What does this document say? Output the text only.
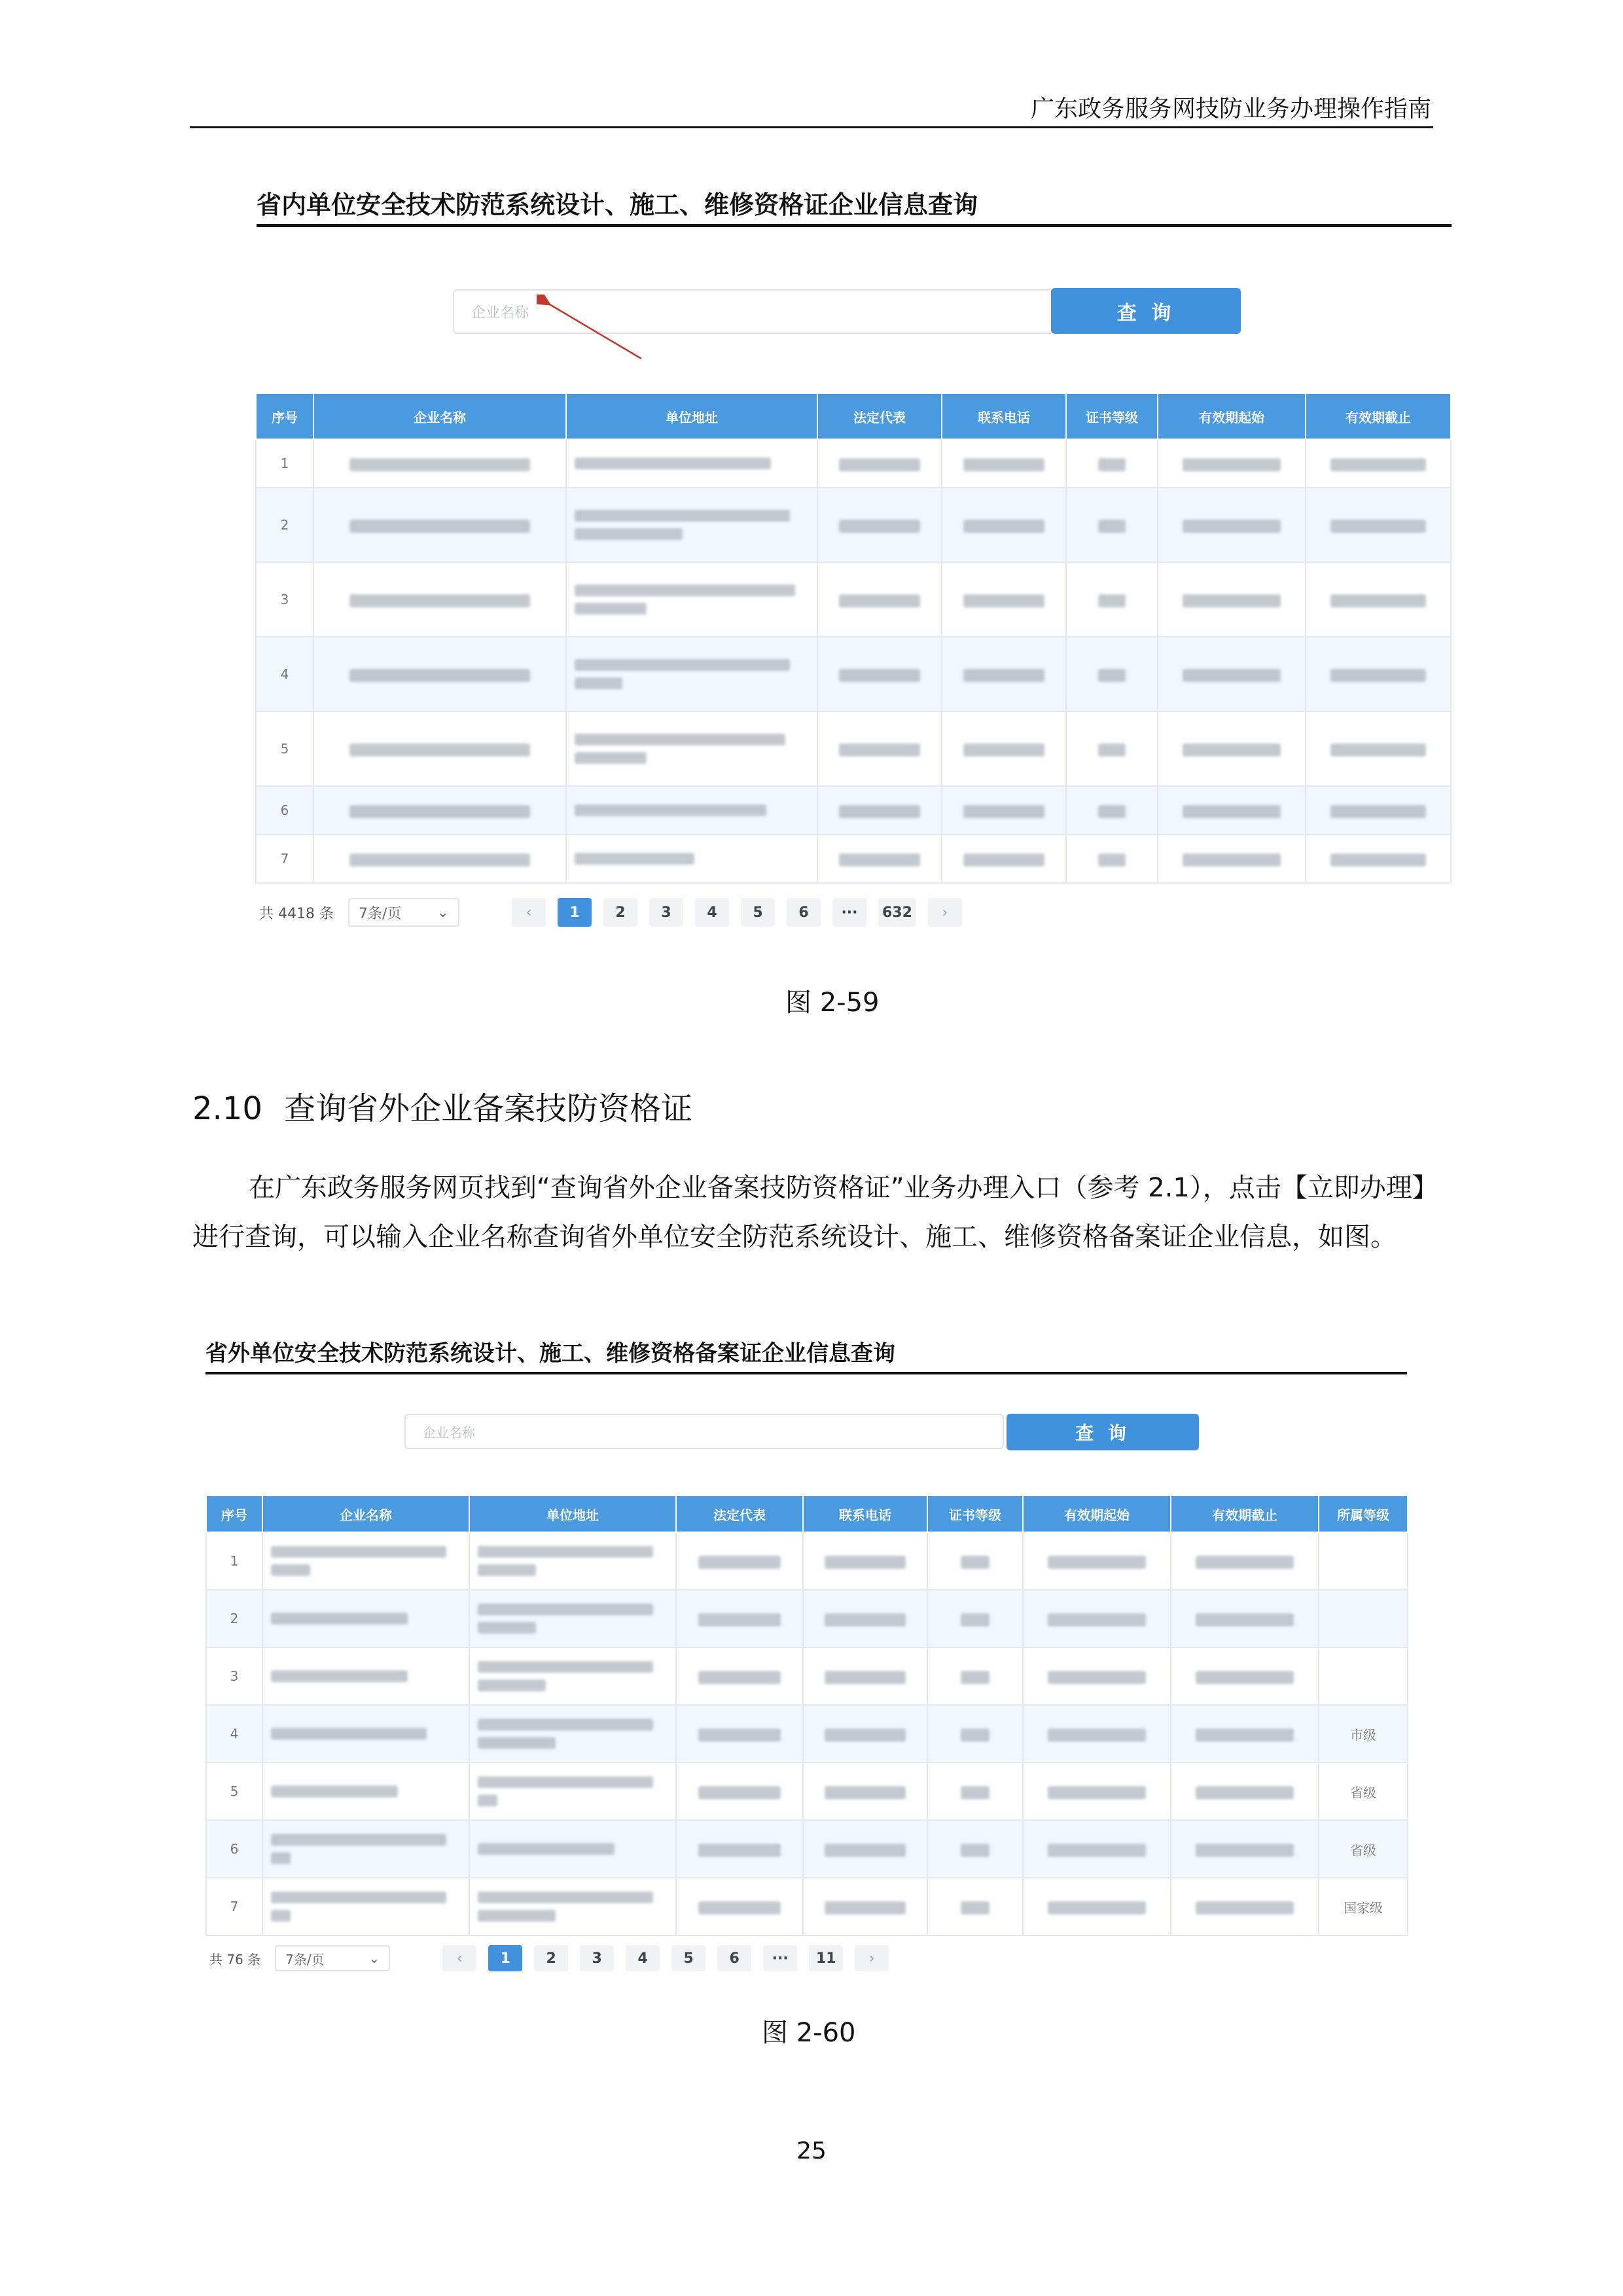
广东政务服务网技防业务办理操作指南
省内单位安全技术防范系统设计、施工、维修资格证企业信息查询
企业名称	查 询
序号	企业名称	单位地址	法定代表	联系电话	证书等级	有效期起始	有效期截止
1		

2		

3		

4		

5		

6		

7		

共 4418 条 7条/页 ⌄	‹	1	2	3	4	5	6	···	632	›
图 2-59
2.10 查询省外企业备案技防资格证
在广东政务服务网页找到“查询省外企业备案技防资格证”业务办理入口（参考 2.1），点击【立即办理】进行查询，可以输入企业名称查询省外单位安全防范系统设计、施工、维修资格备案证企业信息，如图。
省外单位安全技术防范系统设计、施工、维修资格备案证企业信息查询
企业名称	查 询
序号	企业名称	单位地址	法定代表	联系电话	证书等级	有效期起始	有效期截止	所属等级
1	

2	

3	

4								市级
5								省级
6								省级
7								国家级
共 76 条 7条/页	⌄	‹	1	2	3	4	5	6	···	11	›
图 2-60
25
